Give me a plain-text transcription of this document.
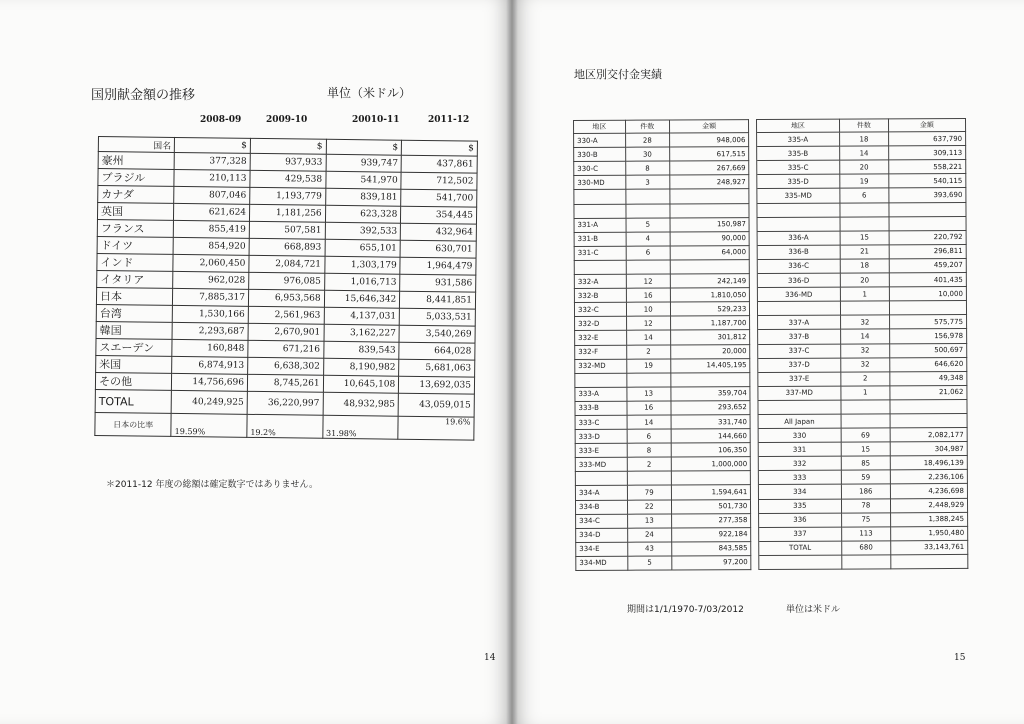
国別献金額の推移	単位（米ドル）
2008-09	2009-10	20010-11	2011-12
国名	$	$	$	$
豪州	377,328	937,933	939,747	437,861
ブラジル	210,113	429,538	541,970	712,502
カナダ	807,046	1,193,779	839,181	541,700
英国	621,624	1,181,256	623,328	354,445
フランス	855,419	507,581	392,533	432,964
ドイツ	854,920	668,893	655,101	630,701
インド	2,060,450	2,084,721	1,303,179	1,964,479
イタリア	962,028	976,085	1,016,713	931,586
日本	7,885,317	6,953,568	15,646,342	8,441,851
台湾	1,530,166	2,561,963	4,137,031	5,033,531
韓国	2,293,687	2,670,901	3,162,227	3,540,269
スエーデン	160,848	671,216	839,543	664,028
米国	6,874,913	6,638,302	8,190,982	5,681,063
その他	14,756,696	8,745,261	10,645,108	13,692,035
TOTAL	40,249,925	36,220,997	48,932,985	43,059,015
日本の比率	19.59%	19.2%	31.98%	19.6%
＊2011-12 年度の総額は確定数字ではありません。
14
地区別交付金実績
地区	件数	金額		地区	件数	金額
330-A	28	948,006		335-A	18	637,790
330-B	30	617,515		335-B	14	309,113
330-C	8	267,669		335-C	20	558,221
330-MD	3	248,927		335-D	19	540,115
				335-MD	6	393,690

331-A	5	150,987				
331-B	4	90,000		336-A	15	220,792
331-C	6	64,000		336-B	21	296,811
				336-C	18	459,207
332-A	12	242,149		336-D	20	401,435
332-B	16	1,810,050		336-MD	1	10,000
332-C	10	529,233				
332-D	12	1,187,700		337-A	32	575,775
332-E	14	301,812		337-B	14	156,978
332-F	2	20,000		337-C	32	500,697
332-MD	19	14,405,195		337-D	32	646,620
				337-E	2	49,348
333-A	13	359,704		337-MD	1	21,062
333-B	16	293,652				
333-C	14	331,740		All Japan		
333-D	6	144,660		330	69	2,082,177
333-E	8	106,350		331	15	304,987
333-MD	2	1,000,000		332	85	18,496,139
				333	59	2,236,106
334-A	79	1,594,641		334	186	4,236,698
334-B	22	501,730		335	78	2,448,929
334-C	13	277,358		336	75	1,388,245
334-D	24	922,184		337	113	1,950,480
334-E	43	843,585		TOTAL	680	33,143,761
334-MD	5	97,200				
期間は1/1/1970-7/03/2012	単位は米ドル
15
